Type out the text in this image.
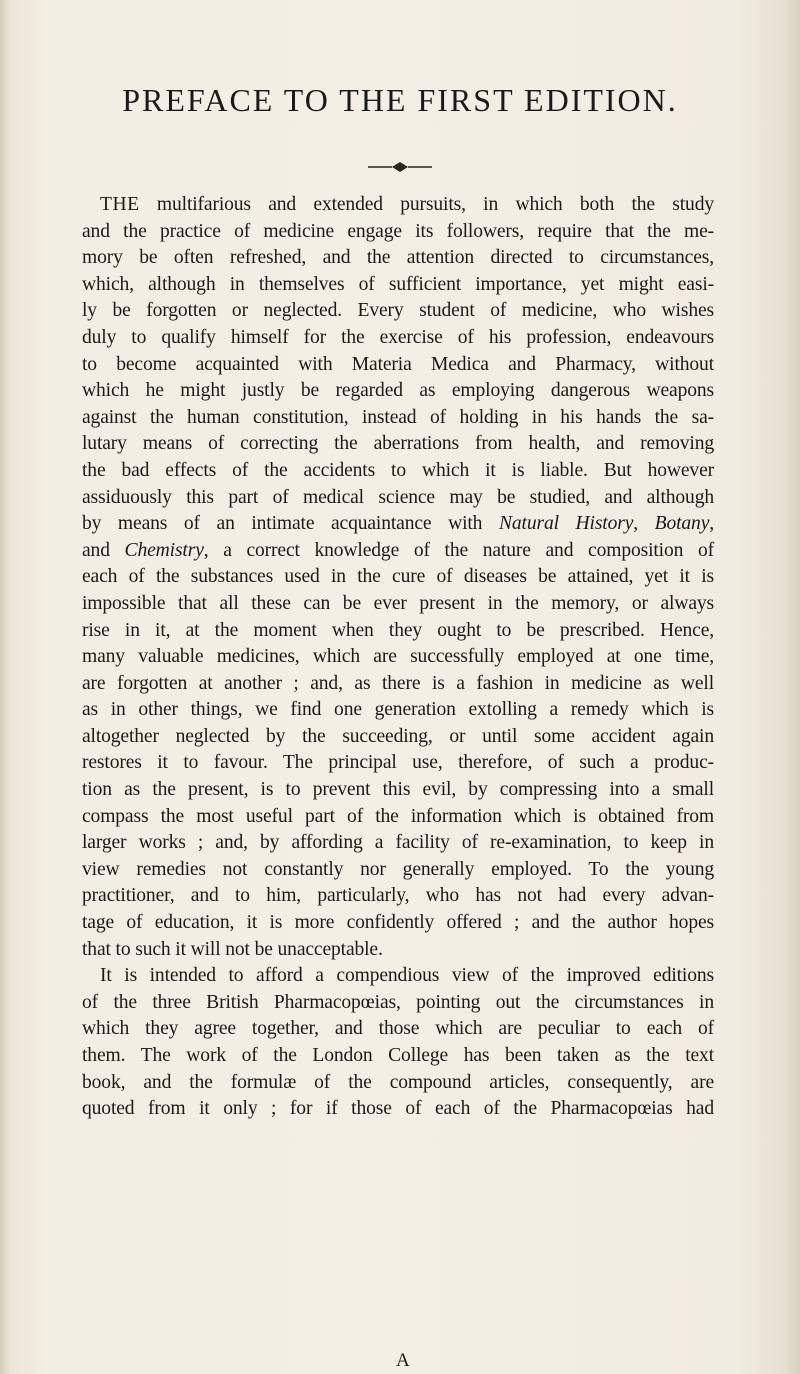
PREFACE TO THE FIRST EDITION.
THE multifarious and extended pursuits, in which both the study
and the practice of medicine engage its followers, require that the me-
mory be often refreshed, and the attention directed to circumstances,
which, although in themselves of sufficient importance, yet might easi-
ly be forgotten or neglected. Every student of medicine, who wishes
duly to qualify himself for the exercise of his profession, endeavours
to become acquainted with Materia Medica and Pharmacy, without
which he might justly be regarded as employing dangerous weapons
against the human constitution, instead of holding in his hands the sa-
lutary means of correcting the aberrations from health, and removing
the bad effects of the accidents to which it is liable. But however
assiduously this part of medical science may be studied, and although
by means of an intimate acquaintance with Natural History, Botany,
and Chemistry, a correct knowledge of the nature and composition of
each of the substances used in the cure of diseases be attained, yet it is
impossible that all these can be ever present in the memory, or always
rise in it, at the moment when they ought to be prescribed. Hence,
many valuable medicines, which are successfully employed at one time,
are forgotten at another ; and, as there is a fashion in medicine as well
as in other things, we find one generation extolling a remedy which is
altogether neglected by the succeeding, or until some accident again
restores it to favour. The principal use, therefore, of such a produc-
tion as the present, is to prevent this evil, by compressing into a small
compass the most useful part of the information which is obtained from
larger works ; and, by affording a facility of re-examination, to keep in
view remedies not constantly nor generally employed. To the young
practitioner, and to him, particularly, who has not had every advan-
tage of education, it is more confidently offered ; and the author hopes
that to such it will not be unacceptable.
It is intended to afford a compendious view of the improved editions
of the three British Pharmacopœias, pointing out the circumstances in
which they agree together, and those which are peculiar to each of
them. The work of the London College has been taken as the text
book, and the formulæ of the compound articles, consequently, are
quoted from it only ; for if those of each of the Pharmacopœias had

A
